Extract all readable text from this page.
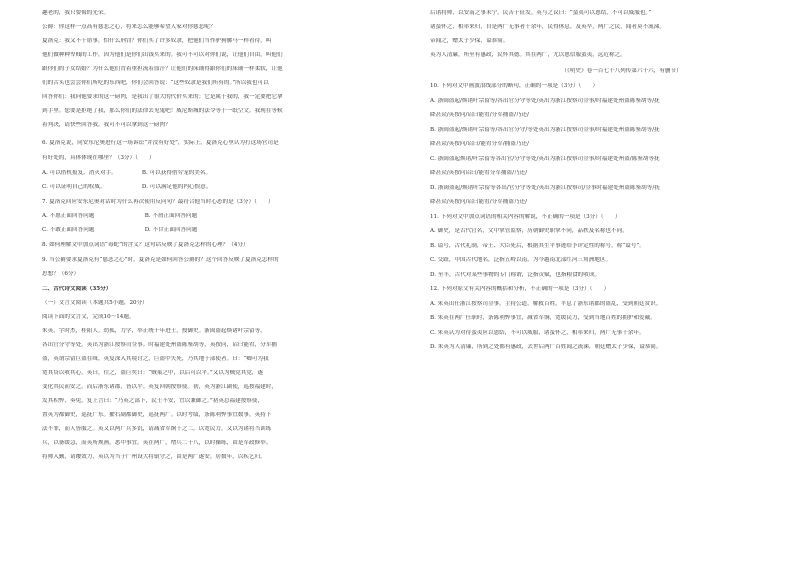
趣老的，我只要侮的光荣。
公爵：你这样一点高有慈悲之心，将来怎么能够希望人家对你慈悲呢？
夏洛克：我又不干错事，怕什么刑罚？你们买了许多奴隶，把他们当作驴狗骡马一样看待，叫
他们做种种卑贱的工作，因为他们是你们出钱买来的。我可不可以对你们说，让他们自由，叫他们
跟你们的子女结婚？为什么他们背着重担流着血汗？让他们的床铺得跟你们的床铺一样柔软，让他
们的舌头也尝尝你们所吃的东西吧，你们会回答说：“这些奴隶是我们所有的。”所以我也可以
回答你们：我向他要求的这一磅肉，是我出了很大的代价买来的；它是属于我的，我一定要把它拿
到手里。您要是拒绝了我，那么你们的法律去见鬼吧！威尼斯城的法令等于一纸空文。我现在等候
着判决，请快些回答我，我可不可以拿到这一磅肉？
6. 夏洛克说，同安东尼奥进行这一场诉讼“并没有好处”，实际上，夏洛克心里认为打这场官司是
有好处的，具体体现在哪里？（3分）（　　）
A. 可以借机报复，消灭对手。　　　　　B. 可以获得借穷宠的美名。
C. 可以证明自己的权威。　　　　　　　D. 可以满足他的内心恨意。
7. 夏洛克回应安东尼奥对话时为什么再次使用反问句？最符合他当时心态的是（3分）（　　）
A. 不愿正面回答问题　　　　　　　　　B. 不屑正面回答问题
C. 不敢正面回答问题　　　　　　　　　D. 不甘正面回答问题
8. 如何理解文中加点词语“毒蛇”的含义？这句话反映了夏洛克怎样的心理？（4分）
9. 当公爵要求夏洛克有“慈悲之心”时，夏洛克是如何回答公爵的？这个回答反映了夏洛克怎样的
思想？（6分）
二、古代诗文阅读（35分）
（一）文言文阅读（本题共5小题，20分）
阅读下面的文言文，完成10～14题。
朱英，字时杰，桂阳人。幼孤，力学，举正统十年进士，授御史。浙闽盗起焕诸叶宗留等，
各出官分守等处，英出为浙江按察司佥事。时福建处州盗陈鉴胡等，英按问，诏曰能宥，分军捕
盗，英谓宗留巨盗在缉，英复深入其境讨之，巨盗中矢死，乃其地于部使者。曰：“卿可为我
宽其贷以收其心，英曰，往之，盗巨矣曰：“贼巢之中，以后可以平。”又以为贼党其党，遂
变化其民而安之，而后浙东诸郡，皆以平。英复回朝按察使。初，英为浙江副使，巡按福建时，
发其积弊，奏免。复上言曰：“乃英之部下，民士不安，宜以兼御之。”初英总福建按察使，
置英为都御史，巡抚广东。擢右副都御史，巡抚两广。以时考绩，条陈利弊事宜数事，英持下
法不罪，而人皆服之。英又以两广兵多饥，请减省军饷十之二，以宽民力。又以为诸将当训练
兵，以备缓急，而英所规画，悉中事宜。英在两广，增兵二十八，以时操练，由是军政修举。
将帅入觐，请缨效力，英以为当于广州设大将镇守之，由是两广遂安。居数年，以疾乞归。
后诸将帅，以安南之事未宁，民苦于征发。英与之议曰：“蛮夷可以恩结，不可以威服也。”
诸蛮怀之，相率来归，自是两广无事者十余年，民得休息。及英卒，两广之民，闻者莫不流涕。
帝闻之，赠太子少保，谥恭简。
英为人清廉，所至有惠政，民怀其德。其在两广，尤以恩信服蛮夷，远近称之。
　　　　　　　　　　　　　　　　　　　　　　　　（《明史》卷一百七十八列传第六十六，有删节）
10. 下列对文中画波浪线部分的断句，正确的一项是（3分）（　　）
A. 浙闽盗起/焕诸叶宗留等/各出官分守等处/英出为浙江按察司佥事/时福建处州盗陈鉴胡等/抚
降甚众/英按问/诏曰能宥/分军捕盗/乃还/
B. 浙闽盗起/焕诸叶宗留等/各出官分守/等处英出为浙江按察司佥事/时福建处州盗陈鉴胡等/抚
降甚众/英按问/诏曰/能宥分军/捕盗乃还/
C. 浙闽盗起焕诸/叶宗留等各出官/分守等处/英出为浙江按察司佥事/时福建处州盗/陈鉴胡等抚
降甚众/英按问诏曰/能宥分军捕盗/乃还/
D. 浙闽盗起/焕诸叶宗留等各出/官分守等处/英出为浙江按察司/佥事时福建处州盗陈鉴胡等/抚
降甚众/英按问/诏曰能宥/分军捕盗乃还/
11. 下列对文中加点词语的相关内容的解说，不正确的一项是（3分）（　　）
A. 御史，是古代官名，文中掌管监察，历朝御史职掌不同，品秩及名称也不同。
B. 谥号，古代礼制，帝王、大臣死后，根据其生平事迹给予评定性的称号，称“谥号”。
C. 交趾，中国古代地名，泛指五岭以南，为今越南北部红河三角洲地区。
D. 至丰，古代对某些事物的专门称谓，泛指贡赋，也指粮食的收成。
12. 下列对原文有关内容的概括和分析，不正确的一项是（3分）（　　）
A. 朱英出任浙江按察司佥事，主持公道，解救百姓，平息了浙东诸郡的盗乱，受到朝廷赏识。
B. 朱英在两广任职时，条陈利弊事宜，减省军饷，宽缓民力，受到当地百姓的拥护和爱戴。
C. 朱英认为对待蛮夷应以恩结，不可以威服，诸蛮怀之，相率来归，两广无事十余年。
D. 朱英为人清廉，所到之处都有惠政，去世后两广百姓闻之流涕，朝廷赠太子少保，谥恭简。
